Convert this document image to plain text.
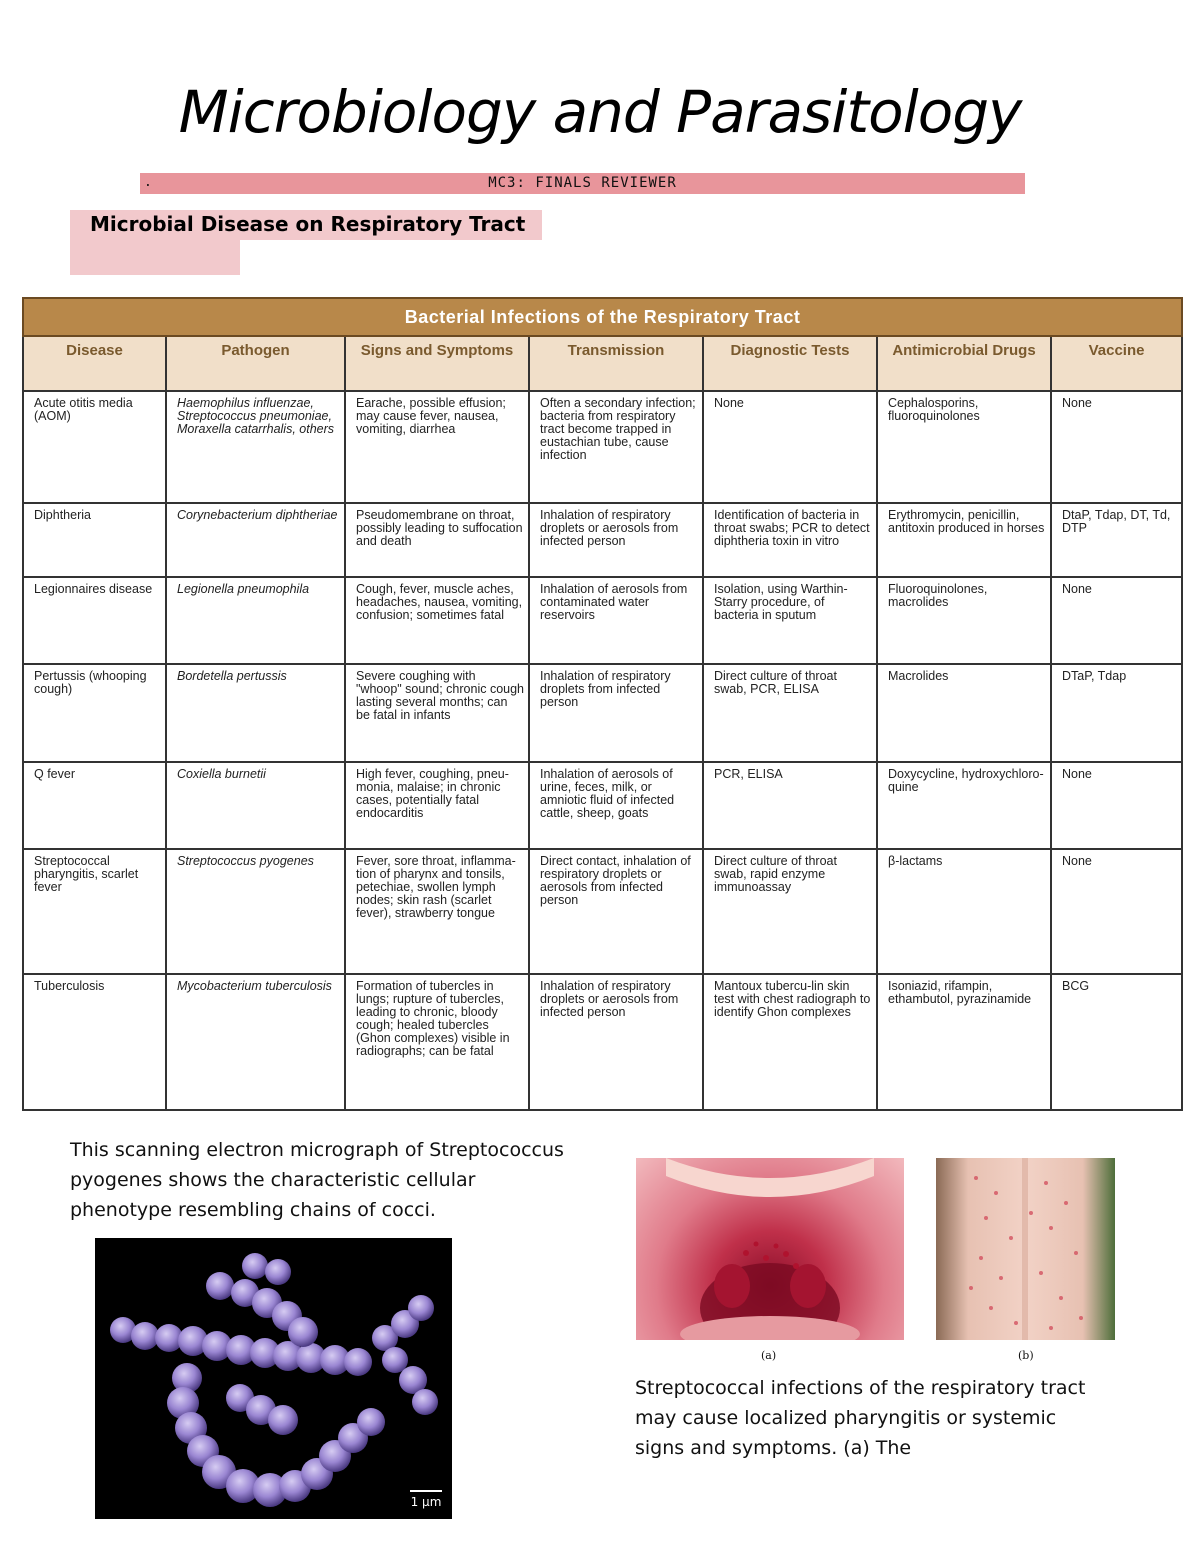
Microbiology and Parasitology
.	MC3: FINALS REVIEWER
Microbial Disease on Respiratory Tract
Bacterial Infections of the Respiratory Tract						
Disease	Pathogen	Signs and Symptoms	Transmission	Diagnostic Tests	Antimicrobial Drugs	Vaccine
Acute otitis media (AOM)	Haemophilus influenzae, Streptococcus pneumoniae, Moraxella catarrhalis, others	Earache, possible effusion; may cause fever, nausea, vomiting, diarrhea	Often a secondary infection; bacteria from respiratory tract become trapped in eustachian tube, cause infection	None	Cephalosporins, fluoroquinolones	None
Diphtheria	Corynebacterium diphtheriae	Pseudomembrane on throat, possibly leading to suffocation and death	Inhalation of respiratory droplets or aerosols from infected person	Identification of bacteria in throat swabs; PCR to detect diphtheria toxin in vitro	Erythromycin, penicillin, antitoxin produced in horses	DtaP, Tdap, DT, Td, DTP
Legionnaires disease	Legionella pneumophila	Cough, fever, muscle aches, headaches, nausea, vomiting, confusion; sometimes fatal	Inhalation of aerosols from contaminated water reservoirs	Isolation, using Warthin-Starry procedure, of bacteria in sputum	Fluoroquinolones, macrolides	None
Pertussis (whooping cough)	Bordetella pertussis	Severe coughing with "whoop" sound; chronic cough lasting several months; can be fatal in infants	Inhalation of respiratory droplets from infected person	Direct culture of throat swab, PCR, ELISA	Macrolides	DTaP, Tdap
Q fever	Coxiella burnetii	High fever, coughing, pneu-monia, malaise; in chronic cases, potentially fatal endocarditis	Inhalation of aerosols of urine, feces, milk, or amniotic fluid of infected cattle, sheep, goats	PCR, ELISA	Doxycycline, hydroxychloro-quine	None
Streptococcal pharyngitis, scarlet fever	Streptococcus pyogenes	Fever, sore throat, inflamma-tion of pharynx and tonsils, petechiae, swollen lymph nodes; skin rash (scarlet fever), strawberry tongue	Direct contact, inhalation of respiratory droplets or aerosols from infected person	Direct culture of throat swab, rapid enzyme immunoassay	β-lactams	None
Tuberculosis	Mycobacterium tuberculosis	Formation of tubercles in lungs; rupture of tubercles, leading to chronic, bloody cough; healed tubercles (Ghon complexes) visible in radiographs; can be fatal	Inhalation of respiratory droplets or aerosols from infected person	Mantoux tubercu-lin skin test with chest radiograph to identify Ghon complexes	Isoniazid, rifampin, ethambutol, pyrazinamide	BCG
This scanning electron micrograph of Streptococcus pyogenes shows the characteristic cellular phenotype resembling chains of cocci.
1 μm
(a)	(b)
Streptococcal infections of the respiratory tract may cause localized pharyngitis or systemic signs and symptoms. (a) The
